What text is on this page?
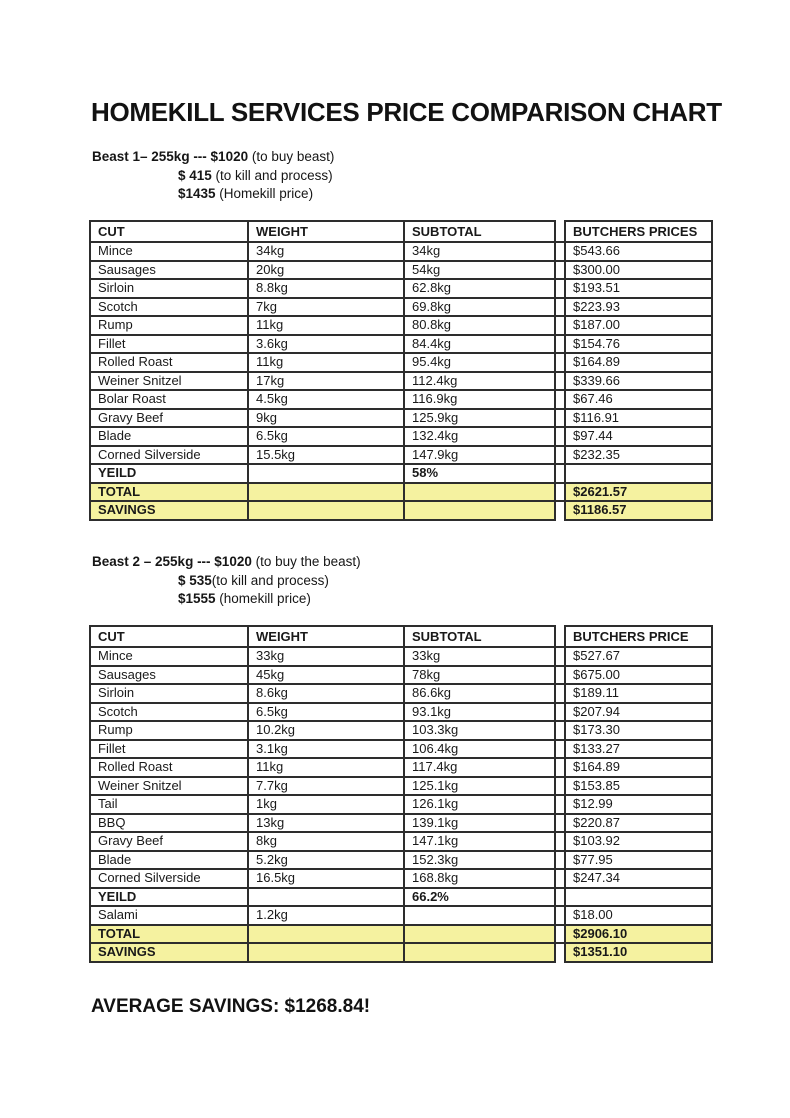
HOMEKILL SERVICES PRICE COMPARISON CHART
Beast 1– 255kg --- $1020 (to buy beast)
$ 415 (to kill and process)
$1435 (Homekill price)
CUT	WEIGHT	SUBTOTAL		BUTCHERS PRICES
Mince	34kg	34kg		$543.66
Sausages	20kg	54kg		$300.00
Sirloin	8.8kg	62.8kg		$193.51
Scotch	7kg	69.8kg		$223.93
Rump	11kg	80.8kg		$187.00
Fillet	3.6kg	84.4kg		$154.76
Rolled Roast	11kg	95.4kg		$164.89
Weiner Snitzel	17kg	112.4kg		$339.66
Bolar Roast	4.5kg	116.9kg		$67.46
Gravy Beef	9kg	125.9kg		$116.91
Blade	6.5kg	132.4kg		$97.44
Corned Silverside	15.5kg	147.9kg		$232.35
YEILD		58%		
TOTAL				$2621.57
SAVINGS				$1186.57
Beast 2 – 255kg --- $1020 (to buy the beast)
$ 535(to kill and process)
$1555 (homekill price)
CUT	WEIGHT	SUBTOTAL		BUTCHERS PRICE
Mince	33kg	33kg		$527.67
Sausages	45kg	78kg		$675.00
Sirloin	8.6kg	86.6kg		$189.11
Scotch	6.5kg	93.1kg		$207.94
Rump	10.2kg	103.3kg		$173.30
Fillet	3.1kg	106.4kg		$133.27
Rolled Roast	11kg	117.4kg		$164.89
Weiner Snitzel	7.7kg	125.1kg		$153.85
Tail	1kg	126.1kg		$12.99
BBQ	13kg	139.1kg		$220.87
Gravy Beef	8kg	147.1kg		$103.92
Blade	5.2kg	152.3kg		$77.95
Corned Silverside	16.5kg	168.8kg		$247.34
YEILD		66.2%		
Salami	1.2kg			$18.00
TOTAL				$2906.10
SAVINGS				$1351.10
AVERAGE SAVINGS: $1268.84!
